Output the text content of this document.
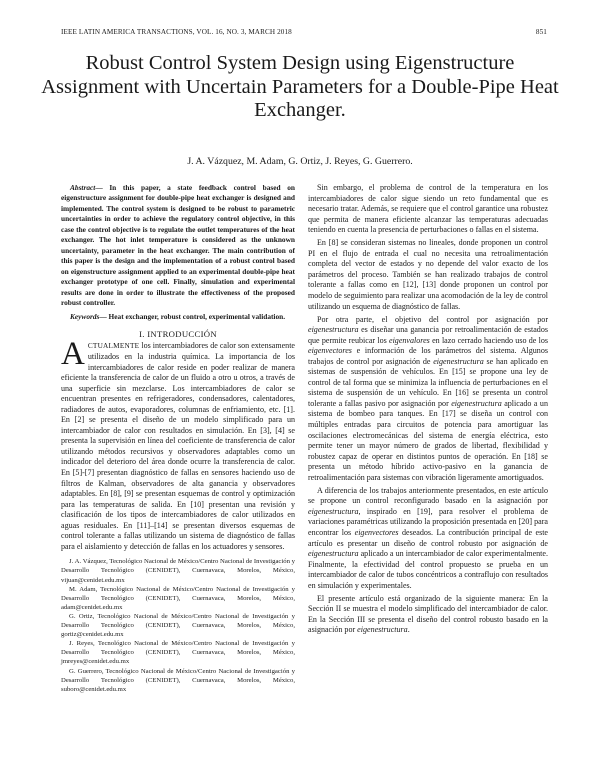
IEEE LATIN AMERICA TRANSACTIONS, VOL. 16, NO. 3, MARCH 2018	851
Robust Control System Design using Eigenstructure Assignment with Uncertain Parameters for a Double-Pipe Heat Exchanger.
J. A. Vázquez, M. Adam, G. Ortiz, J. Reyes, G. Guerrero.

Abstract— In this paper, a state feedback control based on eigenstructure assignment for double-pipe heat exchanger is designed and implemented. The control system is designed to be robust to parametric uncertainties in order to achieve the regulatory control objective, in this case the control objective is to regulate the outlet temperatures of the heat exchanger. The hot inlet temperature is considered as the unknown uncertainty, parameter in the heat exchanger. The main contribution of this paper is the design and the implementation of a robust control based on eigenstructure assignment applied to an experimental double-pipe heat exchanger prototype of one cell. Finally, simulation and experimental results are done in order to illustrate the effectiveness of the proposed robust controller.

Keywords— Heat exchanger, robust control, experimental validation.

I. INTRODUCCIÓN

ACTUALMENTE los intercambiadores de calor son extensamente utilizados en la industria química. La importancia de los intercambiadores de calor reside en poder realizar de manera eficiente la transferencia de calor de un fluido a otro u otros, a través de una superficie sin mezclarse. Los intercambiadores de calor se encuentran presentes en refrigeradores, condensadores, calentadores, radiadores de autos, evaporadores, columnas de enfriamiento, etc. [1]. En [2] se presenta el diseño de un modelo simplificado para un intercambiador de calor con resultados en simulación. En [3], [4] se presenta la supervisión en línea del coeficiente de transferencia de calor utilizando métodos recursivos y observadores adaptables como un indicador del deterioro del área donde ocurre la transferencia de calor. En [5]-[7] presentan diagnóstico de fallas en sensores haciendo uso de filtros de Kalman, observadores de alta ganancia y observadores adaptables. En [8], [9] se presentan esquemas de control y optimización para las temperaturas de salida. En [10] presentan una revisión y clasificación de los tipos de intercambiadores de calor utilizados en aguas residuales. En [11]–[14] se presentan diversos esquemas de control tolerante a fallas utilizando un sistema de diagnóstico de fallas para el aislamiento y detección de fallas en los actuadores y sensores.

J. A. Vázquez, Tecnológico Nacional de México/Centro Nacional de Investigación y Desarrollo Tecnológico (CENIDET), Cuernavaca, Morelos, México, vijuan@cenidet.edu.mx

M. Adam, Tecnológico Nacional de México/Centro Nacional de Investigación y Desarrollo Tecnológico (CENIDET), Cuernavaca, Morelos, México, adam@cenidet.edu.mx

G. Ortiz, Tecnológico Nacional de México/Centro Nacional de Investigación y Desarrollo Tecnológico (CENIDET), Cuernavaca, Morelos, México, gortiz@cenidet.edu.mx

J. Reyes, Tecnológico Nacional de México/Centro Nacional de Investigación y Desarrollo Tecnológico (CENIDET), Cuernavaca, Morelos, México, jmreyes@cenidet.edu.mx

G. Guerrero, Tecnológico Nacional de México/Centro Nacional de Investigación y Desarrollo Tecnológico (CENIDET), Cuernavaca, Morelos, México, suboro@cenidet.edu.mx

Sin embargo, el problema de control de la temperatura en los intercambiadores de calor sigue siendo un reto fundamental que es necesario tratar. Además, se requiere que el control garantice una robustez que permita de manera eficiente alcanzar las temperaturas adecuadas teniendo en cuenta la presencia de perturbaciones o fallas en el sistema.

En [8] se consideran sistemas no lineales, donde proponen un control PI en el flujo de entrada el cual no necesita una retroalimentación completa del vector de estados y no depende del valor exacto de los parámetros del proceso. También se han realizado trabajos de control tolerante a fallas como en [12], [13] donde proponen un control por modelo de seguimiento para realizar una acomodación de la ley de control utilizando un esquema de diagnóstico de fallas.

Por otra parte, el objetivo del control por asignación por eigenestructura es diseñar una ganancia por retroalimentación de estados que permite reubicar los eigenvalores en lazo cerrado haciendo uso de los eigenvectores e información de los parámetros del sistema. Algunos trabajos de control por asignación de eigenestructura se han aplicado en sistemas de suspensión de vehículos. En [15] se propone una ley de control de tal forma que se minimiza la influencia de perturbaciones en el sistema de suspensión de un vehículo. En [16] se presenta un control tolerante a fallas pasivo por asignación por eigenestructura aplicado a un sistema de bombeo para tanques. En [17] se diseña un control con múltiples entradas para circuitos de potencia para amortiguar las oscilaciones electromecánicas del sistema de energía eléctrica, esto permite tener un mayor número de grados de libertad, flexibilidad y robustez capaz de operar en distintos puntos de operación. En [18] se presenta un método híbrido activo-pasivo en la ganancia de retroalimentación para sistemas con vibración ligeramente amortiguados.

A diferencia de los trabajos anteriormente presentados, en este artículo se propone un control reconfigurado basado en la asignación por eigenestructura, inspirado en [19], para resolver el problema de variaciones paramétricas utilizando la proposición presentada en [20] para encontrar los eigenvectores deseados. La contribución principal de este artículo es presentar un diseño de control robusto por asignación de eigenestructura aplicado a un intercambiador de calor experimentalmente. Finalmente, la efectividad del control propuesto se prueba en un intercambiador de calor de tubos concéntricos a contraflujo con resultados en simulación y experimentales.

El presente artículo está organizado de la siguiente manera: En la Sección II se muestra el modelo simplificado del intercambiador de calor. En la Sección III se presenta el diseño del control robusto basado en la asignación por eigenestructura.
